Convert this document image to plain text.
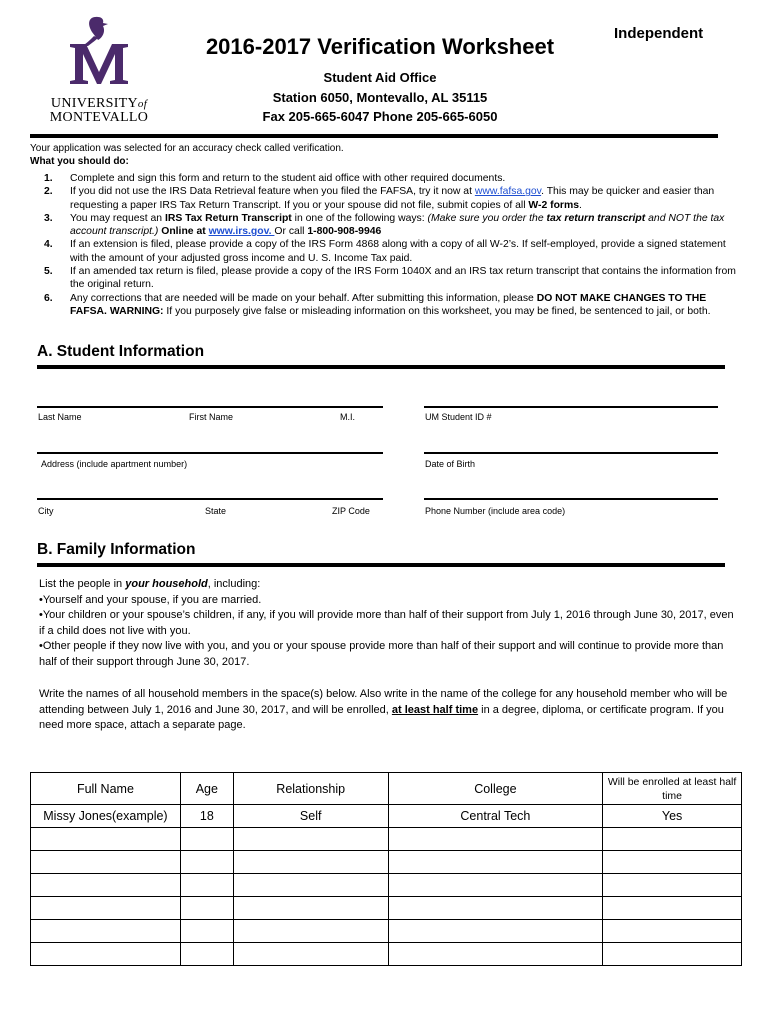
UNIVERSITYof
MONTEVALLO
2016-2017 Verification Worksheet
Independent
Student Aid Office
Station 6050, Montevallo, AL 35115
Fax 205-665-6047 Phone 205-665-6050
Your application was selected for an accuracy check called verification.
What you should do:
1. Complete and sign this form and return to the student aid office with other required documents.
2. If you did not use the IRS Data Retrieval feature when you filed the FAFSA, try it now at www.fafsa.gov. This may be quicker and easier than requesting a paper IRS Tax Return Transcript. If you or your spouse did not file, submit copies of all W-2 forms.
3. You may request an IRS Tax Return Transcript in one of the following ways: (Make sure you order the tax return transcript and NOT the tax account transcript.) Online at www.irs.gov. Or call 1-800-908-9946
4. If an extension is filed, please provide a copy of the IRS Form 4868 along with a copy of all W-2’s. If self-employed, provide a signed statement with the amount of your adjusted gross income and U. S. Income Tax paid.
5. If an amended tax return is filed, please provide a copy of the IRS Form 1040X and an IRS tax return transcript that contains the information from the original return.
6. Any corrections that are needed will be made on your behalf. After submitting this information, please DO NOT MAKE CHANGES TO THE FAFSA. WARNING: If you purposely give false or misleading information on this worksheet, you may be fined, be sentenced to jail, or both.
A. Student Information
Last Name	First Name	M.I.	UM Student ID #
Address (include apartment number)	Date of Birth
City	State	ZIP Code	Phone Number (include area code)
B. Family Information
List the people in your household, including:
•Yourself and your spouse, if you are married.
•Your children or your spouse’s children, if any, if you will provide more than half of their support from July 1, 2016 through June 30, 2017, even if a child does not live with you.
•Other people if they now live with you, and you or your spouse provide more than half of their support and will continue to provide more than half of their support through June 30, 2017.
Write the names of all household members in the space(s) below. Also write in the name of the college for any household member who will be attending between July 1, 2016 and June 30, 2017, and will be enrolled, at least half time in a degree, diploma, or certificate program. If you need more space, attach a separate page.
Full Name	Age	Relationship	College	Will be enrolled at least half time
Missy Jones(example)	18	Self	Central Tech	Yes
